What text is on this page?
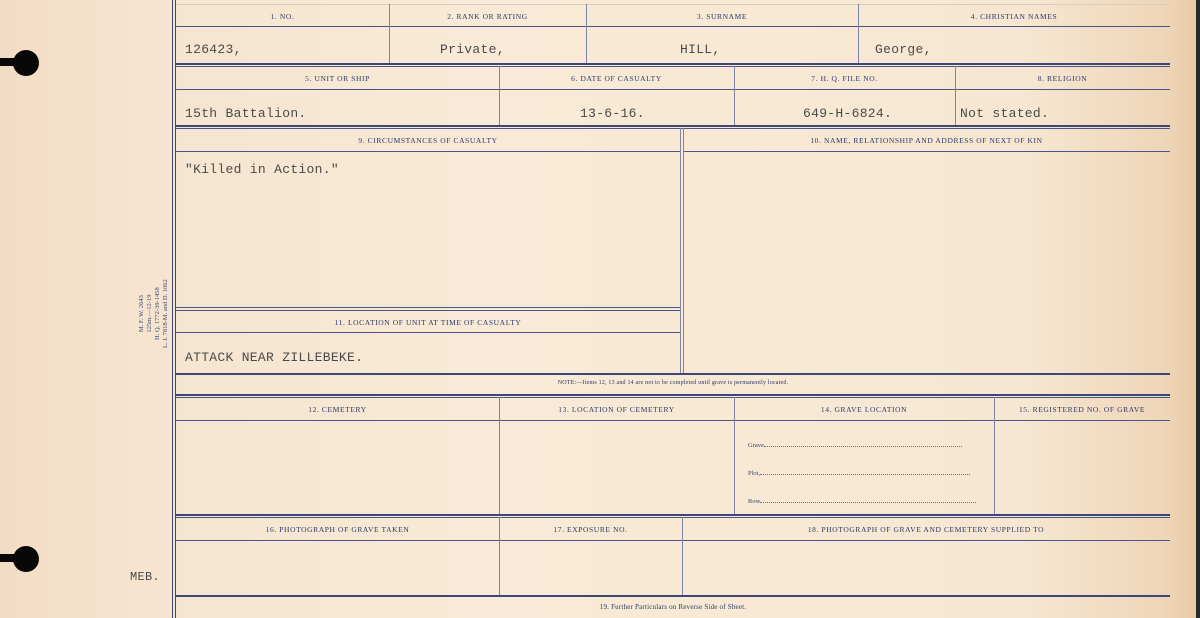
M. F. W. 2643 125m.—12-19 H. Q. 1772-39-1458 L. I. 7818-M. and D. 1062
MEB.
1. NO.	2. RANK OR RATING	3. SURNAME	4. CHRISTIAN NAMES
126423,	Private,	HILL,	George,
5. UNIT OR SHIP	6. DATE OF CASUALTY	7. H. Q. FILE NO.	8. RELIGION
15th Battalion.	13-6-16.	649-H-6824.	Not stated.
9. CIRCUMSTANCES OF CASUALTY	10. NAME, RELATIONSHIP AND ADDRESS OF NEXT OF KIN
"Killed in Action."
11. LOCATION OF UNIT AT TIME OF CASUALTY
ATTACK NEAR ZILLEBEKE.
NOTE:—Items 12, 13 and 14 are not to be completed until grave is permanently located.
12. CEMETERY	13. LOCATION OF CEMETERY	14. GRAVE LOCATION	15. REGISTERED NO. OF GRAVE
Grave
Plot,
Row
16. PHOTOGRAPH OF GRAVE TAKEN	17. EXPOSURE NO.	18. PHOTOGRAPH OF GRAVE AND CEMETERY SUPPLIED TO
19. Further Particulars on Reverse Side of Sheet.
